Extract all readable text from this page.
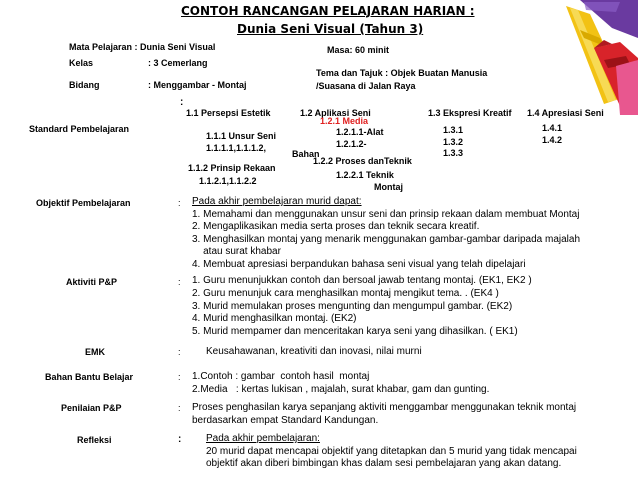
CONTOH RANCANGAN PELAJARAN HARIAN :
Dunia Seni Visual (Tahun 3)
Mata Pelajaran : Dunia Seni Visual
Kelas	: 3 Cemerlang
Bidang	: Menggambar - Montaj
Masa: 60 minit
Tema dan Tajuk : Objek Buatan Manusia
/Suasana di Jalan Raya
Standard Pembelajaran
:
1.1 Persepsi Estetik
1.1.1 Unsur Seni
1.1.1.1,1.1.1.2,
1.1.2 Prinsip Rekaan
1.1.2.1,1.1.2.2
1.2 Aplikasi Seni
1.2.1 Media
1.2.1.1-Alat
1.2.1.2-
Bahan
1.2.2 Proses danTeknik
1.2.2.1 Teknik
Montaj
1.3 Ekspresi Kreatif
1.3.1
1.3.2
1.3.3
1.4 Apresiasi Seni
1.4.1
1.4.2
Objektif Pembelajaran	: Pada akhir pembelajaran murid dapat:
1. Memahami dan menggunakan unsur seni dan prinsip rekaan dalam membuat Montaj
2. Mengaplikasikan media serta proses dan teknik secara kreatif.
3. Menghasilkan montaj yang menarik menggunakan gambar-gambar daripada majalah
atau surat khabar
4. Membuat apresiasi berpandukan bahasa seni visual yang telah dipelajari
Aktiviti P&P	: 1. Guru menunjukkan contoh dan bersoal jawab tentang montaj. (EK1, EK2 )
2. Guru menunjuk cara menghasilkan montaj mengikut tema. . (EK4 )
3. Murid memulakan proses mengunting dan mengumpul gambar. (EK2)
4. Murid menghasilkan montaj. (EK2)
5. Murid mempamer dan menceritakan karya seni yang dihasilkan. ( EK1)
EMK	:	Keusahawanan, kreativiti dan inovasi, nilai murni
Bahan Bantu Belajar	: 1.Contoh : gambar  contoh hasil  montaj
2.Media   : kertas lukisan , majalah, surat khabar, gam dan gunting.
Penilaian P&P	: Proses penghasilan karya sepanjang aktiviti menggambar menggunakan teknik montaj
berdasarkan empat Standard Kandungan.
Refleksi	: Pada akhir pembelajaran:
20 murid dapat mencapai objektif yang ditetapkan dan 5 murid yang tidak mencapai
objektif akan diberi bimbingan khas dalam sesi pembelajaran yang akan datang.
